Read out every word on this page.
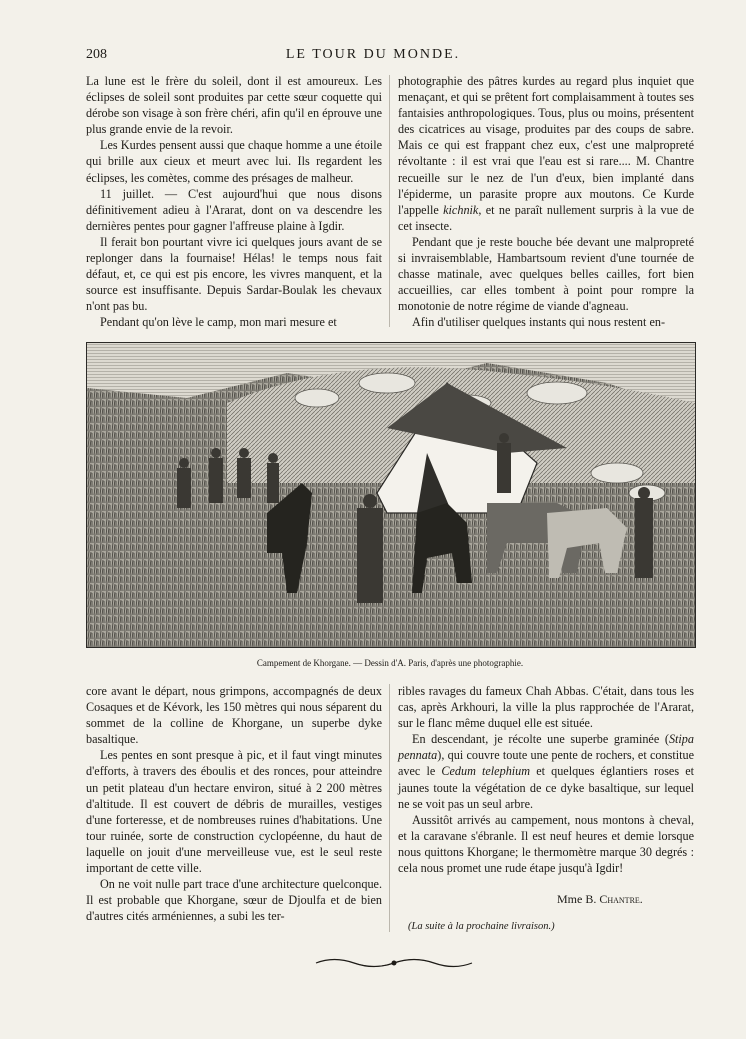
208	LE TOUR DU MONDE.

La lune est le frère du soleil, dont il est amoureux. Les éclipses de soleil sont produites par cette sœur coquette qui dérobe son visage à son frère chéri, afin qu'il en éprouve une plus grande envie de la revoir.

Les Kurdes pensent aussi que chaque homme a une étoile qui brille aux cieux et meurt avec lui. Ils regardent les éclipses, les comètes, comme des présages de malheur.

11 juillet. — C'est aujourd'hui que nous disons définitivement adieu à l'Ararat, dont on va descendre les dernières pentes pour gagner l'affreuse plaine à Igdir.

Il ferait bon pourtant vivre ici quelques jours avant de se replonger dans la fournaise! Hélas! le temps nous fait défaut, et, ce qui est pis encore, les vivres manquent, et la source est insuffisante. Depuis Sardar-Boulak les chevaux n'ont pas bu.

Pendant qu'on lève le camp, mon mari mesure et

photographie des pâtres kurdes au regard plus inquiet que menaçant, et qui se prêtent fort complaisamment à toutes ses fantaisies anthropologiques. Tous, plus ou moins, présentent des cicatrices au visage, produites par des coups de sabre. Mais ce qui est frappant chez eux, c'est une malpropreté révoltante : il est vrai que l'eau est si rare.... M. Chantre recueille sur le nez de l'un d'eux, bien implanté dans l'épiderme, un parasite propre aux moutons. Ce Kurde l'appelle kichnik, et ne paraît nullement surpris à la vue de cet insecte.

Pendant que je reste bouche bée devant une malpropreté si invraisemblable, Hambartsoum revient d'une tournée de chasse matinale, avec quelques belles cailles, fort bien accueillies, car elles tombent à point pour rompre la monotonie de notre régime de viande d'agneau.

Afin d'utiliser quelques instants qui nous restent en-

Campement de Khorgane. — Dessin d'A. Paris, d'après une photographie.

core avant le départ, nous grimpons, accompagnés de deux Cosaques et de Kévork, les 150 mètres qui nous séparent du sommet de la colline de Khorgane, un superbe dyke basaltique.

Les pentes en sont presque à pic, et il faut vingt minutes d'efforts, à travers des éboulis et des ronces, pour atteindre un petit plateau d'un hectare environ, situé à 2 200 mètres d'altitude. Il est couvert de débris de murailles, vestiges d'une forteresse, et de nombreuses ruines d'habitations. Une tour ruinée, sorte de construction cyclopéenne, du haut de laquelle on jouit d'une merveilleuse vue, est le seul reste important de cette ville.

On ne voit nulle part trace d'une architecture quelconque. Il est probable que Khorgane, sœur de Djoulfa et de bien d'autres cités arméniennes, a subi les ter-

ribles ravages du fameux Chah Abbas. C'était, dans tous les cas, après Arkhouri, la ville la plus rapprochée de l'Ararat, sur le flanc même duquel elle est située.

En descendant, je récolte une superbe graminée (Stipa pennata), qui couvre toute une pente de rochers, et constitue avec le Cedum telephium et quelques églantiers roses et jaunes toute la végétation de ce dyke basaltique, sur lequel ne se voit pas un seul arbre.

Aussitôt arrivés au campement, nous montons à cheval, et la caravane s'ébranle. Il est neuf heures et demie lorsque nous quittons Khorgane; le thermomètre marque 30 degrés : cela nous promet une rude étape jusqu'à Igdir!

Mme B. Chantre.
(La suite à la prochaine livraison.)
